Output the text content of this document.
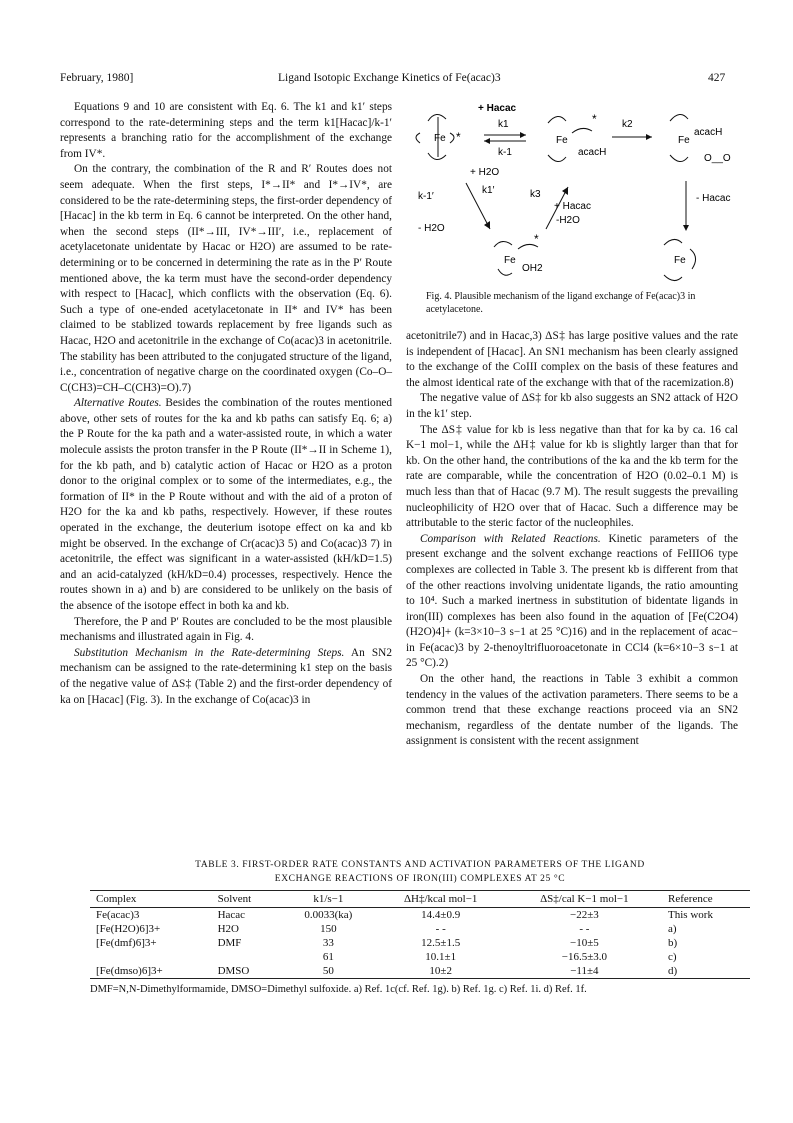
February, 1980]	Ligand Isotopic Exchange Kinetics of Fe(acac)3	427

Equations 9 and 10 are consistent with Eq. 6. The k1 and k1′ steps correspond to the rate-determining steps and the term k1[Hacac]/k-1′ represents a branching ratio for the accomplishment of the exchange from IV*.

On the contrary, the combination of the R and R′ Routes does not seem adequate. When the first steps, I*→II* and I*→IV*, are considered to be the rate-determining steps, the first-order dependency of [Hacac] in the kb term in Eq. 6 cannot be interpreted. On the other hand, when the second steps (II*→III, IV*→III′, i.e., replacement of acetylacetonate unidentate by Hacac or H2O) are assumed to be rate-determining or to be concerned in determining the rate as in the P′ Route mentioned above, the ka term must have the second-order dependency with respect to [Hacac], which conflicts with the observation (Eq. 6). Such a type of one-ended acetylacetonate in II* and IV* has been claimed to be stablized towards replacement by free ligands such as Hacac, H2O and acetonitrile in the exchange of Co(acac)3 in acetonitrile. The stability has been attributed to the conjugated structure of the ligand, i.e., concentration of negative charge on the coordinated oxygen (Co–O–C(CH3)=CH–C(CH3)=O).7)

Alternative Routes. Besides the combination of the routes mentioned above, other sets of routes for the ka and kb paths can satisfy Eq. 6; a) the P Route for the ka path and a water-assisted route, in which a water molecule assists the proton transfer in the P Route (II*→II in Scheme 1), for the kb path, and b) catalytic action of Hacac or H2O as a proton donor to the original complex or to some of the intermediates, e.g., the formation of II* in the P Route without and with the aid of a proton of H2O for the ka and kb paths, respectively. However, if these routes operated in the exchange, the deuterium isotope effect on ka and kb might be observed. In the exchange of Cr(acac)3 5) and Co(acac)3 7) in acetonitrile, the effect was significant in a water-assisted (kH/kD=1.5) and an acid-catalyzed (kH/kD=0.4) processes, respectively. Hence the routes shown in a) and b) are considered to be unlikely on the basis of the absence of the isotope effect in both ka and kb.

Therefore, the P and P′ Routes are concluded to be the most plausible mechanisms and illustrated again in Fig. 4.

Substitution Mechanism in the Rate-determining Steps. An SN2 mechanism can be assigned to the rate-determining k1 step on the basis of the negative value of ΔS‡ (Table 2) and the first-order dependency of ka on [Hacac] (Fig. 3). In the exchange of Co(acac)3 in

Fe *
+ Hacac
k1
k-1
Fe
*
acacH
k2
Fe
acacH
O__O
+ H2O
k1′
k-1′
- H2O
k3
+ Hacac
-H2O
- Hacac
Fe
*
OH2
Fe
Fig. 4. Plausible mechanism of the ligand exchange of Fe(acac)3 in acetylacetone.

acetonitrile7) and in Hacac,3) ΔS‡ has large positive values and the rate is independent of [Hacac]. An SN1 mechanism has been clearly assigned to the exchange of the CoIII complex on the basis of these features and the almost identical rate of the exchange with that of the racemization.8)

The negative value of ΔS‡ for kb also suggests an SN2 attack of H2O in the k1′ step.

The ΔS‡ value for kb is less negative than that for ka by ca. 16 cal K−1 mol−1, while the ΔH‡ value for kb is slightly larger than that for kb. On the other hand, the contributions of the ka and the kb term for the rate are comparable, while the concentration of H2O (0.02–0.1 M) is much less than that of Hacac (9.7 M). The result suggests the prevailing nucleophilicity of H2O over that of Hacac. Such a difference may be attributable to the steric factor of the nucleophiles.

Comparison with Related Reactions. Kinetic parameters of the present exchange and the solvent exchange reactions of FeIIIO6 type complexes are collected in Table 3. The present kb is different from that of the other reactions involving unidentate ligands, the ratio amounting to 10⁴. Such a marked inertness in substitution of bidentate ligands in iron(III) complexes has been also found in the aquation of [Fe(C2O4)(H2O)4]+ (k=3×10−3 s−1 at 25 °C)16) and in the replacement of acac− in Fe(acac)3 by 2-thenoyltrifluoroacetonate in CCl4 (k=6×10−3 s−1 at 25 °C).2)

On the other hand, the reactions in Table 3 exhibit a common tendency in the values of the activation parameters. There seems to be a common trend that these exchange reactions proceed via an SN2 mechanism, regardless of the dentate number of the ligands. The assignment is consistent with the recent assignment

TABLE 3. FIRST-ORDER RATE CONSTANTS AND ACTIVATION PARAMETERS OF THE LIGAND
EXCHANGE REACTIONS OF IRON(III) COMPLEXES AT 25 °C
Complex	Solvent	k1/s−1	ΔH‡/kcal mol−1	ΔS‡/cal K−1 mol−1	Reference
Fe(acac)3	Hacac	0.0033(ka)	14.4±0.9	−22±3	This work
[Fe(H2O)6]3+	H2O	150	- -	- -	a)
[Fe(dmf)6]3+	DMF	33	12.5±1.5	−10±5	b)
		61	10.1±1	−16.5±3.0	c)
[Fe(dmso)6]3+	DMSO	50	10±2	−11±4	d)
DMF=N,N-Dimethylformamide, DMSO=Dimethyl sulfoxide. a) Ref. 1c(cf. Ref. 1g). b) Ref. 1g. c) Ref. 1i. d) Ref. 1f.
